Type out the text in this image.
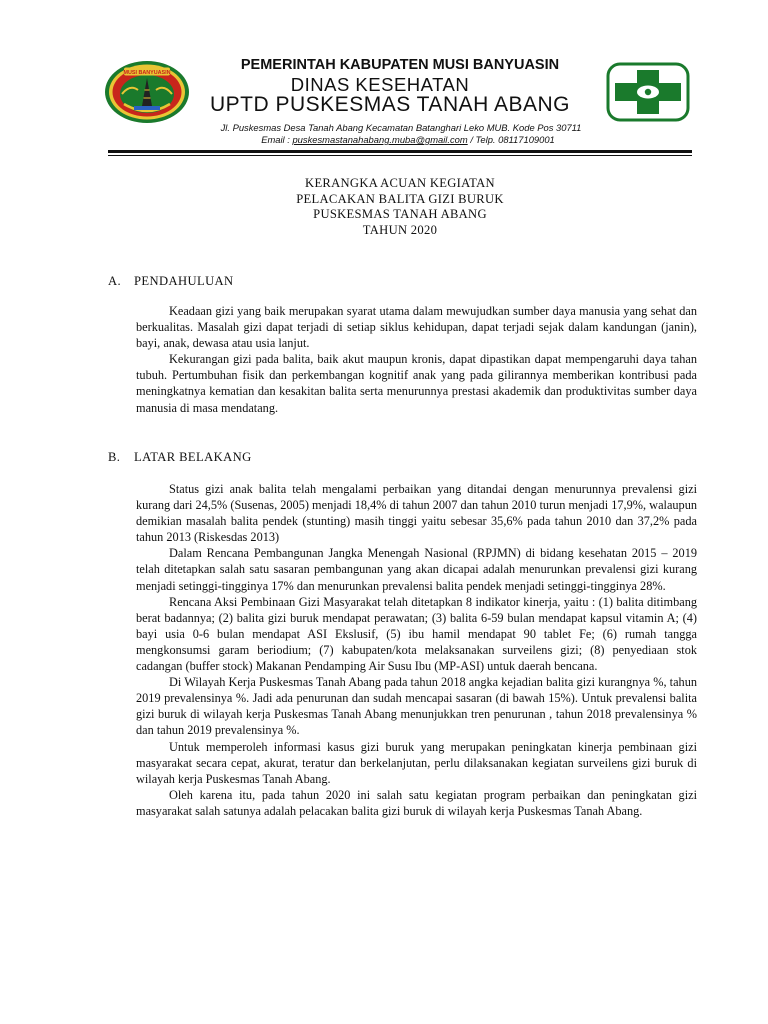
MUSI BANYUASIN	PEMERINTAH KABUPATEN MUSI BANYUASIN
DINAS KESEHATAN
UPTD PUSKESMAS TANAH ABANG
Jl. Puskesmas Desa Tanah Abang Kecamatan Batanghari Leko MUB. Kode Pos 30711
Email : puskesmastanahabang.muba@gmail.com / Telp. 08117109001
KERANGKA ACUAN KEGIATAN
PELACAKAN BALITA GIZI BURUK
PUSKESMAS TANAH ABANG
TAHUN 2020
A. PENDAHULUAN

Keadaan gizi yang baik merupakan syarat utama dalam mewujudkan sumber daya manusia yang sehat dan berkualitas. Masalah gizi dapat terjadi di setiap siklus kehidupan, dapat terjadi sejak dalam kandungan (janin), bayi, anak, dewasa atau usia lanjut.

Kekurangan gizi pada balita, baik akut maupun kronis, dapat dipastikan dapat mempengaruhi daya tahan tubuh. Pertumbuhan fisik dan perkembangan kognitif anak yang pada gilirannya memberikan kontribusi pada meningkatnya kematian dan kesakitan balita serta menurunnya prestasi akademik dan produktivitas sumber daya manusia di masa mendatang.

B. LATAR BELAKANG

Status gizi anak balita telah mengalami perbaikan yang ditandai dengan menurunnya prevalensi gizi kurang dari 24,5% (Susenas, 2005) menjadi 18,4% di tahun 2007 dan tahun 2010 turun menjadi 17,9%, walaupun demikian masalah balita pendek (stunting) masih tinggi yaitu sebesar 35,6% pada tahun 2010 dan 37,2% pada tahun 2013 (Riskesdas 2013)

Dalam Rencana Pembangunan Jangka Menengah Nasional (RPJMN) di bidang kesehatan 2015 – 2019 telah ditetapkan salah satu sasaran pembangunan yang akan dicapai adalah menurunkan prevalensi gizi kurang menjadi setinggi-tingginya 17% dan menurunkan prevalensi balita pendek menjadi setinggi-tingginya 28%.

Rencana Aksi Pembinaan Gizi Masyarakat telah ditetapkan 8 indikator kinerja, yaitu : (1) balita ditimbang berat badannya; (2) balita gizi buruk mendapat perawatan; (3) balita 6-59 bulan mendapat kapsul vitamin A; (4) bayi usia 0-6 bulan mendapat ASI Ekslusif, (5) ibu hamil mendapat 90 tablet Fe; (6) rumah tangga mengkonsumsi garam beriodium; (7) kabupaten/kota melaksanakan surveilens gizi; (8) penyediaan stok cadangan (buffer stock) Makanan Pendamping Air Susu Ibu (MP-ASI) untuk daerah bencana.

Di Wilayah Kerja Puskesmas Tanah Abang pada tahun 2018 angka kejadian balita gizi kurangnya %, tahun 2019 prevalensinya %. Jadi ada penurunan dan sudah mencapai sasaran (di bawah 15%). Untuk prevalensi balita gizi buruk di wilayah kerja Puskesmas Tanah Abang menunjukkan tren penurunan , tahun 2018 prevalensinya % dan tahun 2019 prevalensinya %.

Untuk memperoleh informasi kasus gizi buruk yang merupakan peningkatan kinerja pembinaan gizi masyarakat secara cepat, akurat, teratur dan berkelanjutan, perlu dilaksanakan kegiatan surveilens gizi buruk di wilayah kerja Puskesmas Tanah Abang.

Oleh karena itu, pada tahun 2020 ini salah satu kegiatan program perbaikan dan peningkatan gizi masyarakat salah satunya adalah pelacakan balita gizi buruk di wilayah kerja Puskesmas Tanah Abang.
